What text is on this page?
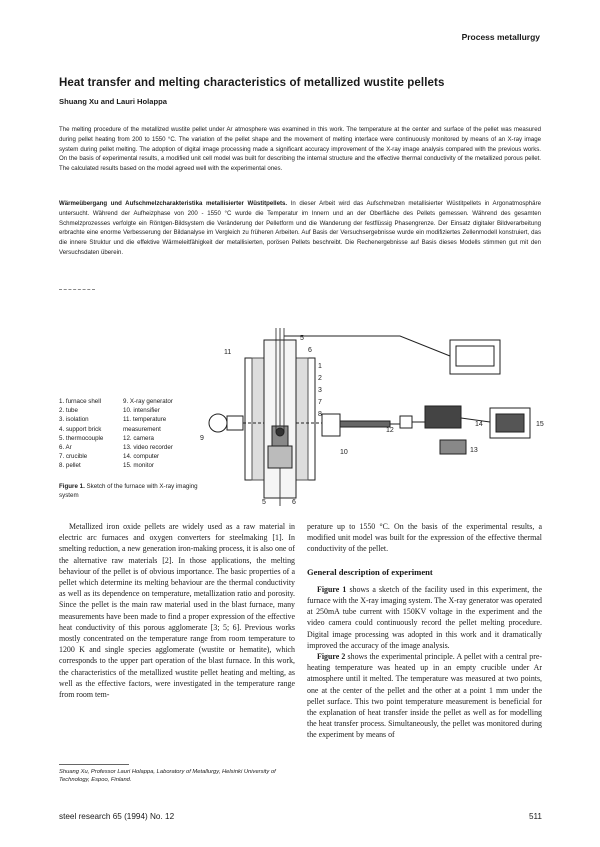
Process metallurgy
Heat transfer and melting characteristics of metallized wustite pellets
Shuang Xu and Lauri Holappa

The melting procedure of the metallized wustite pellet under Ar atmosphere was examined in this work. The temperature at the center and surface of the pellet was measured during pellet heating from 200 to 1550 °C. The variation of the pellet shape and the movement of melting interface were continuously monitored by means of an X-ray image system during pellet melting. The adoption of digital image processing made a significant accuracy improvement of the X-ray image analysis compared with the previous works. On the basis of experimental results, a modified unit cell model was built for describing the internal structure and the effective thermal conductivity of the metallized porous pellet. The calculated results based on the model agreed well with the experimental ones.

Wärmeübergang und Aufschmelzcharakteristika metallisierter Wüstitpellets. In dieser Arbeit wird das Aufschmelzen metallisierter Wüstitpellets in Argonatmosphäre untersucht. Während der Aufheizphase von 200 - 1550 °C wurde die Temperatur im Innern und an der Oberfläche des Pellets gemessen. Während des gesamten Schmelzprozesses verfolgte ein Röntgen-Bildsystem die Veränderung der Pelletform und die Wanderung der festflüssig Phasengrenze. Der Einsatz digitaler Bildverarbeitung erbrachte eine enorme Verbesserung der Bildanalyse im Vergleich zu früheren Arbeiten. Auf Basis der Versuchsergebnisse wurde ein modifiziertes Zellenmodell konstruiert, das die innere Struktur und die effektive Wärmeleitfähigkeit der metallisierten, porösen Pellets beschreibt. Die Rechenergebnisse auf Basis dieses Modells stimmen gut mit den Versuchsdaten überein.

11
5
6
1
2
3
7
8
9
10
12
13
14	15
5	6
1. furnace shell	9. X-ray generator
2. tube	10. intensifier
3. isolation	11. temperature
4. support brick	measurement
5. thermocouple	12. camera
6. Ar	13. video recorder
7. crucible	14. computer
8. pellet	15. monitor
Figure 1. Sketch of the furnace with X-ray imaging system

Metallized iron oxide pellets are widely used as a raw material in electric arc furnaces and oxygen converters for steelmaking [1]. In smelting reduction, a new generation iron-making process, it is also one of the alternative raw materials [2]. In those applications, the melting behaviour of the pellet is of obvious importance. The basic properties of a pellet which determine its melting behaviour are the thermal conductivity as well as its dependence on temperature, metallization ratio and porosity. Since the pellet is the main raw material used in the blast furnace, many measurements have been made to find a proper expression of the effective heat conductivity of this porous agglomerate [3; 5; 6]. Previous works mostly concentrated on the temperature range from room temperature to 1200 K and single species agglomerate (wustite or hematite), which corresponds to the upper part operation of the blast furnace. In this work, the characteristics of the metallized wustite pellet heating and melting, as well as the effective factors, were investigated in the temperature range from room tem-

perature up to 1550 °C. On the basis of the experimental results, a modified unit model was built for the expression of the effective thermal conductivity of the pellet.

General description of experiment

Figure 1 shows a sketch of the facility used in this experiment, the furnace with the X-ray imaging system. The X-ray generator was operated at 250mA tube current with 150KV voltage in the experiment and the video camera could continuously record the pellet melting procedure. Digital image processing was adopted in this work and it dramatically improved the accuracy of the image analysis.

Figure 2 shows the experimental principle. A pellet with a central pre-heating temperature was heated up in an empty crucible under Ar atmosphere until it melted. The temperature was measured at two points, one at the center of the pellet and the other at a point 1 mm under the pellet surface. This two point temperature measurement is beneficial for the explanation of heat transfer inside the pellet as well as for modelling the heat transfer process. Simultaneously, the pellet was monitored during the experiment by means of

Shuang Xu, Professor Lauri Holappa, Laboratory of Metallurgy, Helsinki University of Technology, Espoo, Finland.
steel research 65 (1994) No. 12	511
